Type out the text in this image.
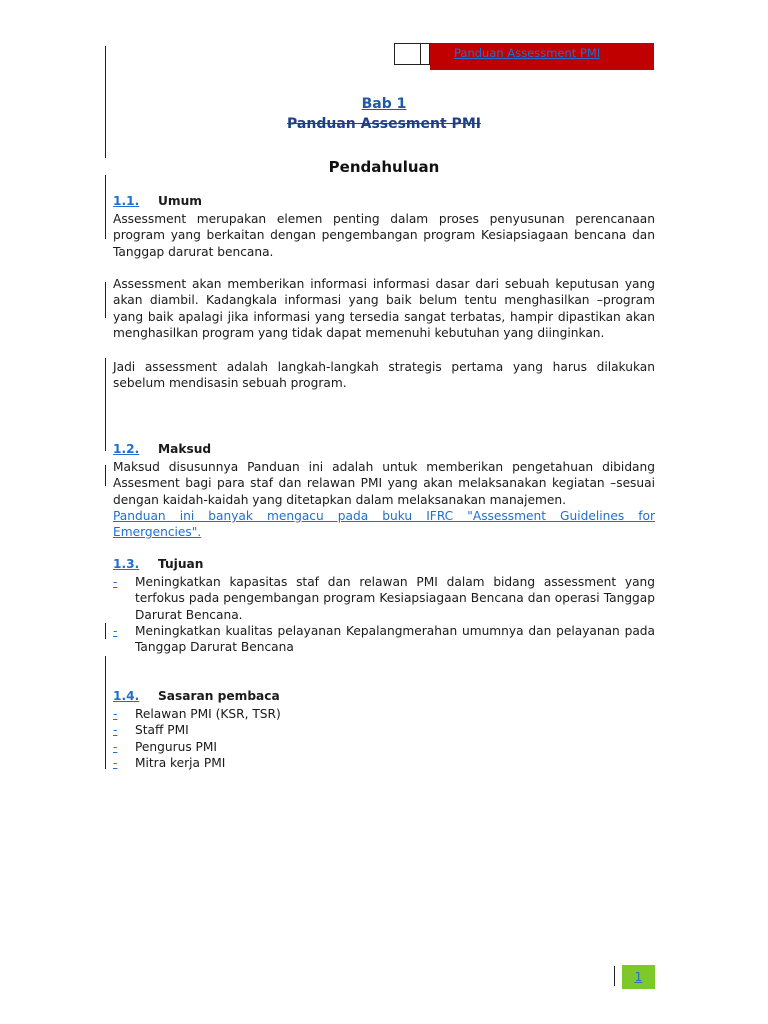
Panduan Assessment PMI
Bab 1
Panduan Assesment PMI
Pendahuluan
1.1. Umum
Assessment merupakan elemen penting dalam proses penyusunan perencanaan program yang berkaitan dengan pengembangan program Kesiapsiagaan bencana dan Tanggap darurat bencana.
Assessment akan memberikan informasi informasi dasar dari sebuah keputusan yang akan diambil. Kadangkala informasi yang baik belum tentu menghasilkan –program yang baik apalagi jika informasi yang tersedia sangat terbatas, hampir dipastikan akan menghasilkan program yang tidak dapat memenuhi kebutuhan yang diinginkan.
Jadi assessment adalah langkah-langkah strategis pertama yang harus dilakukan sebelum mendisasin sebuah program.
1.2. Maksud
Maksud disusunnya Panduan ini adalah untuk memberikan pengetahuan dibidang Assesment bagi para staf dan relawan PMI yang akan melaksanakan kegiatan –sesuai dengan kaidah-kaidah yang ditetapkan dalam melaksanakan manajemen.
Panduan ini banyak mengacu pada buku IFRC "Assessment Guidelines for Emergencies".
1.3. Tujuan
-	Meningkatkan kapasitas staf dan relawan PMI dalam bidang assessment yang terfokus pada pengembangan program Kesiapsiagaan Bencana dan operasi Tanggap Darurat Bencana.
-	Meningkatkan kualitas pelayanan Kepalangmerahan umumnya dan pelayanan pada Tanggap Darurat Bencana
1.4. Sasaran pembaca
-	Relawan PMI (KSR, TSR)
-	Staff PMI
-	Pengurus PMI
-	Mitra kerja PMI
1
